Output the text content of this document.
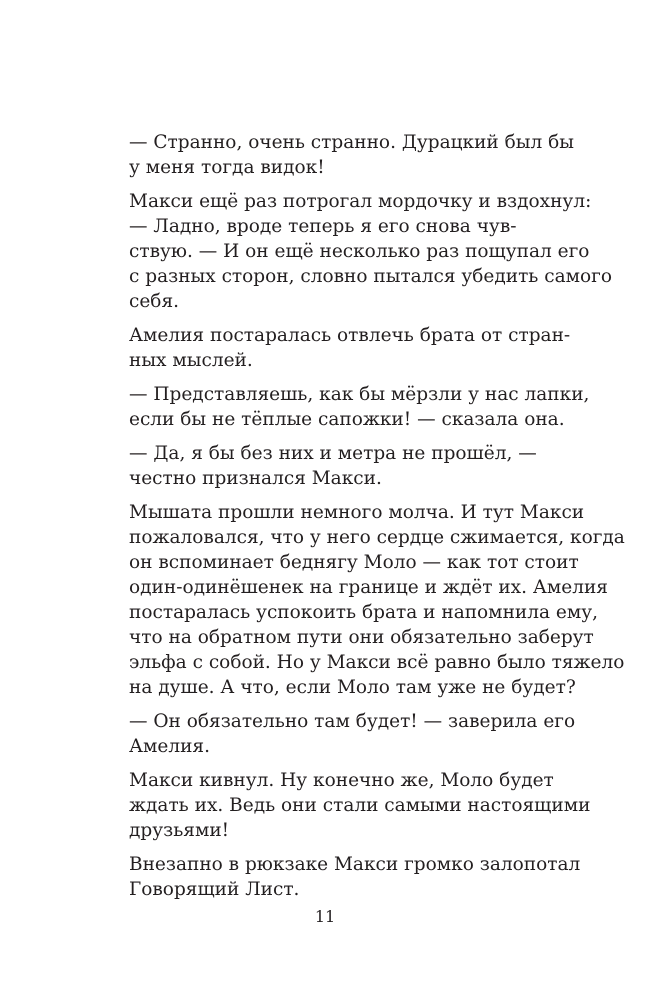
— Странно, очень странно. Дурацкий был бы
у меня тогда видок!
Макси ещё раз потрогал мордочку и вздохнул:
— Ладно, вроде теперь я его снова чув-
ствую. — И он ещё несколько раз пощупал его
с разных сторон, словно пытался убедить самого
себя.
Амелия постаралась отвлечь брата от стран-
ных мыслей.
— Представляешь, как бы мёрзли у нас лапки,
если бы не тёплые сапожки! — сказала она.
— Да, я бы без них и метра не прошёл, —
честно признался Макси.
Мышата прошли немного молча. И тут Макси
пожаловался, что у него сердце сжимается, когда
он вспоминает беднягу Моло — как тот стоит
один-одинёшенек на границе и ждёт их. Амелия
постаралась успокоить брата и напомнила ему,
что на обратном пути они обязательно заберут
эльфа с собой. Но у Макси всё равно было тяжело
на душе. А что, если Моло там уже не будет?
— Он обязательно там будет! — заверила его
Амелия.
Макси кивнул. Ну конечно же, Моло будет
ждать их. Ведь они стали самыми настоящими
друзьями!
Внезапно в рюкзаке Макси громко залопотал
Говорящий Лист.
11
